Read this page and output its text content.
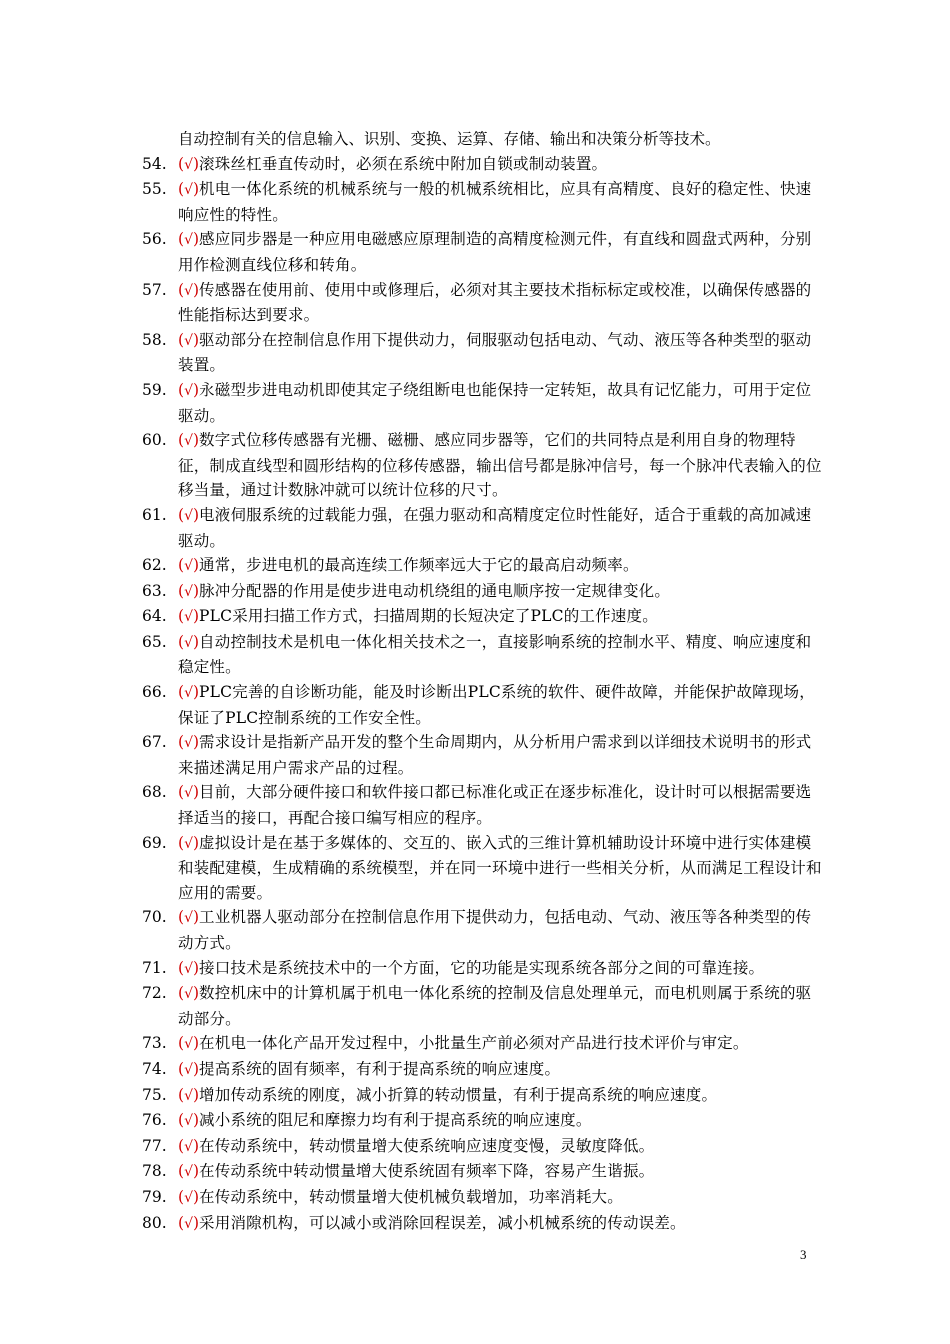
自动控制有关的信息输入、识别、变换、运算、存储、输出和决策分析等技术。
54. (√)滚珠丝杠垂直传动时，必须在系统中附加自锁或制动装置。
55. (√)机电一体化系统的机械系统与一般的机械系统相比，应具有高精度、良好的稳定性、快速响应性的特性。
56. (√)感应同步器是一种应用电磁感应原理制造的高精度检测元件，有直线和圆盘式两种，分别用作检测直线位移和转角。
57. (√)传感器在使用前、使用中或修理后，必须对其主要技术指标标定或校准，以确保传感器的性能指标达到要求。
58. (√)驱动部分在控制信息作用下提供动力，伺服驱动包括电动、气动、液压等各种类型的驱动装置。
59. (√)永磁型步进电动机即使其定子绕组断电也能保持一定转矩，故具有记忆能力，可用于定位驱动。
60. (√)数字式位移传感器有光栅、磁栅、感应同步器等，它们的共同特点是利用自身的物理特征，制成直线型和圆形结构的位移传感器，输出信号都是脉冲信号，每一个脉冲代表输入的位移当量，通过计数脉冲就可以统计位移的尺寸。
61. (√)电液伺服系统的过载能力强，在强力驱动和高精度定位时性能好，适合于重载的高加减速驱动。
62. (√)通常，步进电机的最高连续工作频率远大于它的最高启动频率。
63. (√)脉冲分配器的作用是使步进电动机绕组的通电顺序按一定规律变化。
64. (√)PLC采用扫描工作方式，扫描周期的长短决定了PLC的工作速度。
65. (√)自动控制技术是机电一体化相关技术之一，直接影响系统的控制水平、精度、响应速度和稳定性。
66. (√)PLC完善的自诊断功能，能及时诊断出PLC系统的软件、硬件故障，并能保护故障现场，保证了PLC控制系统的工作安全性。
67. (√)需求设计是指新产品开发的整个生命周期内，从分析用户需求到以详细技术说明书的形式来描述满足用户需求产品的过程。
68. (√)目前，大部分硬件接口和软件接口都已标准化或正在逐步标准化，设计时可以根据需要选择适当的接口，再配合接口编写相应的程序。
69. (√)虚拟设计是在基于多媒体的、交互的、嵌入式的三维计算机辅助设计环境中进行实体建模和装配建模，生成精确的系统模型，并在同一环境中进行一些相关分析，从而满足工程设计和应用的需要。
70. (√)工业机器人驱动部分在控制信息作用下提供动力，包括电动、气动、液压等各种类型的传动方式。
71. (√)接口技术是系统技术中的一个方面，它的功能是实现系统各部分之间的可靠连接。
72. (√)数控机床中的计算机属于机电一体化系统的控制及信息处理单元，而电机则属于系统的驱动部分。
73. (√)在机电一体化产品开发过程中，小批量生产前必须对产品进行技术评价与审定。
74. (√)提高系统的固有频率，有利于提高系统的响应速度。
75. (√)增加传动系统的刚度，减小折算的转动惯量，有利于提高系统的响应速度。
76. (√)减小系统的阻尼和摩擦力均有利于提高系统的响应速度。
77. (√)在传动系统中，转动惯量增大使系统响应速度变慢，灵敏度降低。
78. (√)在传动系统中转动惯量增大使系统固有频率下降，容易产生谐振。
79. (√)在传动系统中，转动惯量增大使机械负载增加，功率消耗大。
80. (√)采用消隙机构，可以减小或消除回程误差，减小机械系统的传动误差。
3
